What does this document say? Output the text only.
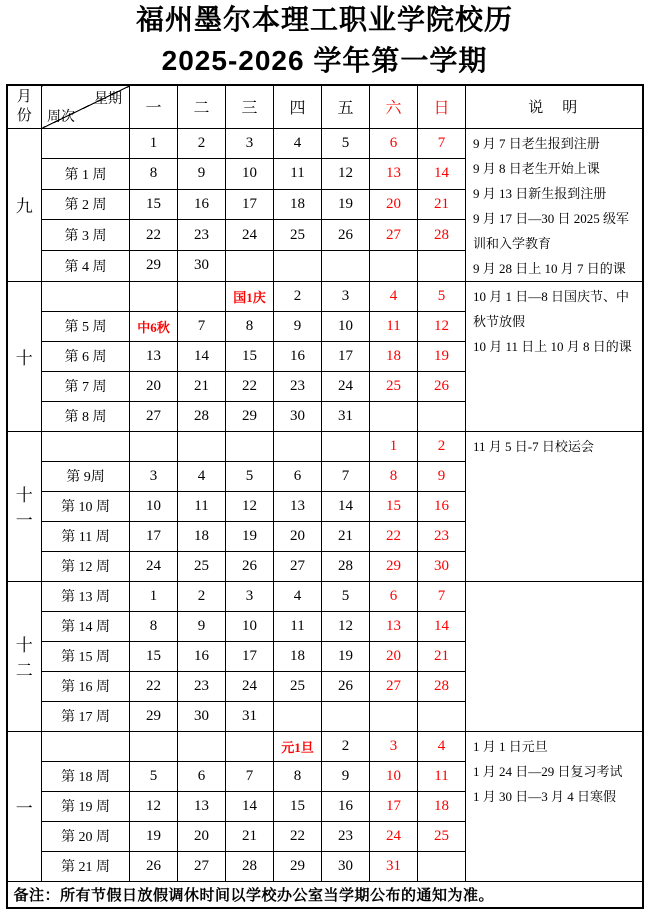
福州墨尔本理工职业学院校历
2025-2026 学年第一学期
月份	星期
周次	一	二	三	四	五	六	日	说　明
九		1	2	3	4	5	6	7	9 月 7 日老生报到注册
9 月 8 日老生开始上课
9 月 13 日新生报到注册
9 月 17 日—30 日 2025 级军训和入学教育
9 月 28 日上 10 月 7 日的课

	第 1 周	8	9	10	11	12	13	14	
	第 2 周	15	16	17	18	19	20	21	
	第 3 周	22	23	24	25	26	27	28	
	第 4 周	29	30						
十				国1庆	2	3	4	5	10 月 1 日—8 日国庆节、中秋节放假
10 月 11 日上 10 月 8 日的课

	第 5 周	中6秋	7	8	9	10	11	12	
	第 6 周	13	14	15	16	17	18	19	
	第 7 周	20	21	22	23	24	25	26	
	第 8 周	27	28	29	30	31			
十一							1	2	11 月 5 日-7 日校运会

	第 9周	3	4	5	6	7	8	9	
	第 10 周	10	11	12	13	14	15	16	
	第 11 周	17	18	19	20	21	22	23	
	第 12 周	24	25	26	27	28	29	30	
十二	第 13 周	1	2	3	4	5	6	7	
	第 14 周	8	9	10	11	12	13	14	
	第 15 周	15	16	17	18	19	20	21	
	第 16 周	22	23	24	25	26	27	28	
	第 17 周	29	30	31					
一					元1旦	2	3	4	1 月 1 日元旦
1 月 24 日—29 日复习考试
1 月 30 日—3 月 4 日寒假

	第 18 周	5	6	7	8	9	10	11	
	第 19 周	12	13	14	15	16	17	18	
	第 20 周	19	20	21	22	23	24	25	
	第 21 周	26	27	28	29	30	31		
备注：所有节假日放假调休时间以学校办公室当学期公布的通知为准。									
